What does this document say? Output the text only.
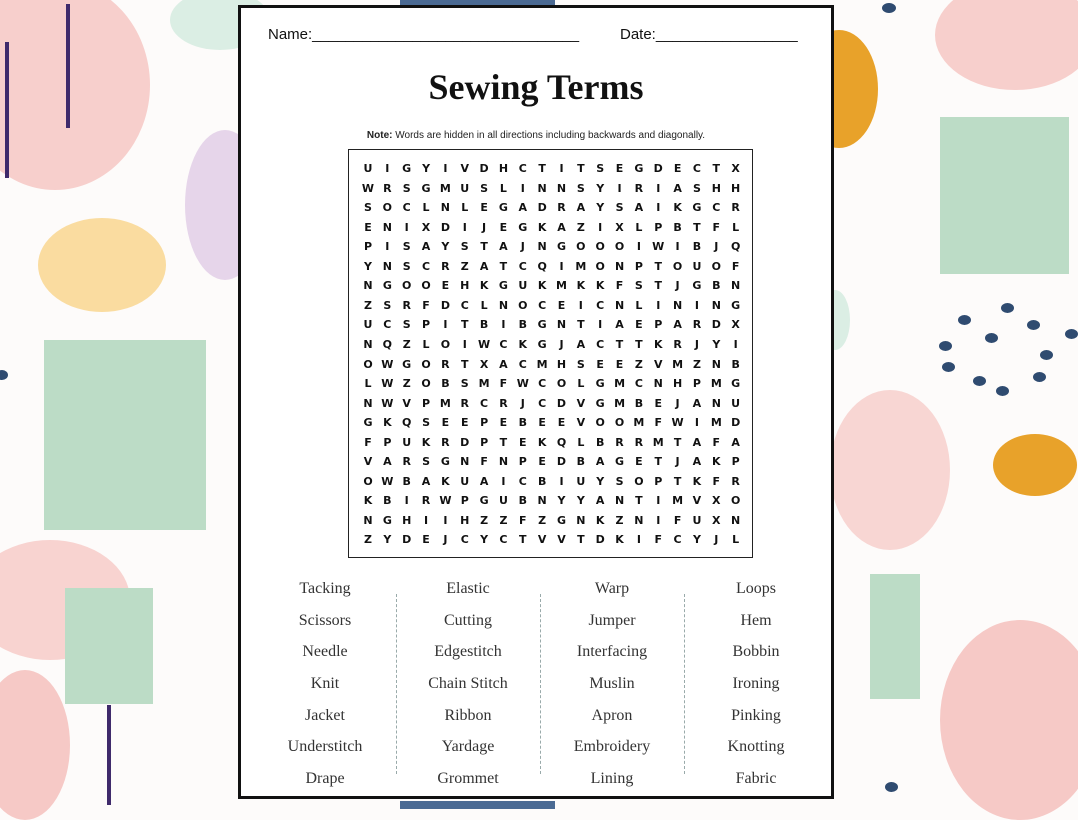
Name:________________________________	Date:_________________
Sewing Terms
Note: Words are hidden in all directions including backwards and diagonally.
U	I	G Y	I	V D H C	T	I	T	S	E	G D	E	C	T	X
W R	S G M U S	L	I	N N S	Y	I	R	I	A	S H H
S O C	L	N	L	E	G A D R A	Y	S	A	I	K G C	R
E N	I	X D	I	J	E	G K A	Z	I	X	L	P	B	T	F	L
P	I	S	A	Y	S	T	A	J	N G O O O	I	W	I	B	J	Q
Y N S	C	R	Z	A	T	C Q	I	M O N P	T O U O F
N G O O E	H K G U K M K K	F	S	T	J	G B N
Z	S	R	F	D C	L	N O C	E	I	C N	L	I	N	I	N G
U C	S	P	I	T	B	I	B G N T	I	A	E	P	A R D X
N Q Z	L	O	I	W C	K G	J	A	C	T	T	K R	J	Y	I
O W G O R	T	X A	C M H S	E	E	Z	V M Z N B
L W Z O B	S M F W C O	L	G M C N H P M G
N W V	P M R	C	R	J	C D V G M B	E	J	A N U
G K Q S	E	E	P	E	B	E	E	V O O M F W	I	M D
F	P U K R D P	T	E	K Q	L	B R R M T	A	F	A
V A R	S G N F N P	E	D B A G	E	T	J	A K	P
O W B A K U A	I	C	B	I	U Y	S O P	T	K	F	R
K B	I	R W P G U B N Y	Y	A N T	I	M V X O
N G H	I	I	H Z	Z	F	Z G N K	Z N	I	F	U X N
Z	Y D	E	J	C	Y	C	T	V V	T	D K	I	F	C	Y	J	L
Tacking
Scissors
Needle
Knit
Jacket
Understitch
Drape
Elastic
Cutting
Edgestitch
Chain Stitch
Ribbon
Yardage
Grommet
Warp
Jumper
Interfacing
Muslin
Apron
Embroidery
Lining
Loops
Hem
Bobbin
Ironing
Pinking
Knotting
Fabric
